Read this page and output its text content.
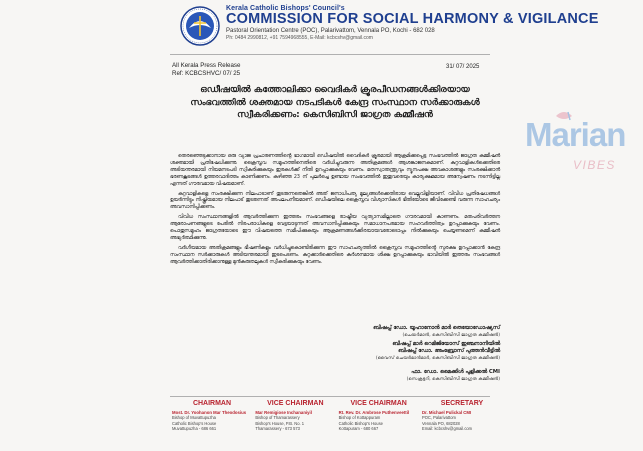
Kerala Catholic Bishops' Council's
COMMISSION FOR SOCIAL HARMONY & VIGILANCE
Pastoral Orientation Centre (POC), Palarivattom, Vennala PO, Kochi - 682 028
Ph: 0484 2990812, +91 7594968555, E-Mail: kcbcshv@gmail.com
All Kerala Press Release
Ref: KCBCSHVC/ 07/ 25
31/ 07/ 2025
ഒഡീഷയിൽ കത്തോലിക്കാ വൈദികർ ക്രൂരപീഡനങ്ങൾക്കിരയായ
സംഭവത്തിൽ ശക്തമായ നടപടികൾ കേന്ദ്ര സംസ്ഥാന സർക്കാരുകൾ
സ്വീകരിക്കണം: കെസിബിസി ജാഗ്രത കമ്മീഷൻ

തെരഞ്ഞെടുക്കാനായ ഒരു വ്യാജ പ്രചാരണത്തിൻ്റെ ഭാഗമായി ഒഡീഷയിൽ വൈദികർ ക്രൂരമായി ആക്രമിക്കപ്പെട്ട സംഭവത്തിൽ ജാഗ്രത കമ്മീഷൻ ശക്തമായി പ്രതിഷേധിക്കുന്നു. ക്രൈസ്തവ സമൂഹത്തിനെതിരെ വർധിച്ചുവരുന്ന അതിക്രമങ്ങൾ ആശങ്കാജനകമാണ്. കുറ്റവാളികൾക്കെതിരെ അടിയന്തരമായി നിയമനടപടി സ്വീകരിക്കുകയും ഇരകൾക്ക് നീതി ഉറപ്പാക്കുകയും വേണം. മതസ്വാതന്ത്ര്യവും ന്യൂനപക്ഷ അവകാശങ്ങളും സംരക്ഷിക്കാൻ ഭരണകൂടങ്ങൾ ഉത്തരവാദിത്തം കാണിക്കണം. കഴിഞ്ഞ 23 ന് പുലർച്ചെ ഉണ്ടായ സംഭവത്തിൽ ഇതുവരെയും കാര്യക്ഷമമായ അന്വേഷണം നടന്നിട്ടില്ല എന്നത് ഗൗരവമായ വിഷയമാണ്.

കുറ്റവാളികളെ സംരക്ഷിക്കുന്ന നിലപാടാണ് തുടരുന്നതെങ്കിൽ അത് ജനാധിപത്യ മൂല്യങ്ങൾക്കെതിരായ വെല്ലുവിളിയാണ്. വിവിധ പ്രതിഷേധങ്ങൾ ഉയർന്നിട്ടും നിഷ്ക്രിയമായ നിലപാട് തുടരുന്നത് അപലപനീയമാണ്. ഒഡീഷയിലെ ക്രൈസ്തവ വിശ്വാസികൾ ഭീതിയോടെ ജീവിക്കേണ്ടി വരുന്ന സാഹചര്യം അവസാനിപ്പിക്കണം.

വിവിധ സംസ്ഥാനങ്ങളിൽ ആവർത്തിക്കുന്ന ഇത്തരം സംഭവങ്ങളെ രാഷ്ട്രീയ വ്യത്യാസമില്ലാതെ ഗൗരവമായി കാണണം. മതപരിവർത്തന ആരോപണങ്ങളുടെ പേരിൽ നിരപരാധികളെ വേട്ടയാടുന്നത് അവസാനിപ്പിക്കുകയും സമാധാനപരമായ സഹവർത്തിത്വം ഉറപ്പാക്കുകയും വേണം. പൊതുസമൂഹം ജാഗ്രതയോടെ ഈ വിഷയത്തെ സമീപിക്കുകയും ആക്രമണങ്ങൾക്കിരയായവരോടൊപ്പം നിൽക്കുകയും ചെയ്യണമെന്ന് കമ്മീഷൻ അഭ്യർത്ഥിക്കുന്നു.

വർഗീയമായ അതിക്രമങ്ങളും ഭീഷണികളും വർധിച്ചുകൊണ്ടിരിക്കുന്ന ഈ സാഹചര്യത്തിൽ ക്രൈസ്തവ സമൂഹത്തിൻ്റെ സുരക്ഷ ഉറപ്പാക്കാൻ കേന്ദ്ര സംസ്ഥാന സർക്കാരുകൾ അടിയന്തരമായി ഇടപെടണം. കുറ്റക്കാർക്കെതിരെ കർശനമായ ശിക്ഷ ഉറപ്പാക്കുകയും ഭാവിയിൽ ഇത്തരം സംഭവങ്ങൾ ആവർത്തിക്കാതിരിക്കാനുള്ള മുൻകരുതലുകൾ സ്വീകരിക്കുകയും വേണം.

ബിഷപ്പ് ഡോ. യൂഹാനോൻ മാർ തെയോഡോഷ്യസ്
(ചെയർമാൻ, കെസിബിസി ജാഗ്രത കമ്മീഷൻ)
ബിഷപ്പ് മാർ റെമിജിയോസ് ഇഞ്ചനാനിയിൽ
ബിഷപ്പ് ഡോ. അംബ്രോസ് പുത്തൻവീട്ടിൽ
(വൈസ് ചെയർമാൻമാർ, കെസിബിസി ജാഗ്രത കമ്മീഷൻ)
ഫാ. ഡോ. മൈക്കിൾ പുളിക്കൽ CMI
(സെക്രട്ടറി, കെസിബിസി ജാഗ്രത കമ്മീഷൻ)
CHAIRMAN
Most. Dr. Yoohanon Mar Theodosius
Bishop of Muvattupuzha
Catholic Bishop's House
Muvattupuzha - 686 661
VICE CHAIRMAN
Mar Remigiose Inchananiyil
Bishop of Thamarassery
Bishop's House, P.B. No. 1
Thamarassery - 673 573
VICE CHAIRMAN
Rt. Rev. Dr. Ambrose Puthenveettil
Bishop of Kottappuram
Catholic Bishop's House
Kottapuram - 680 667
SECRETARY
Dr. Michael Pulickal CMI
POC, Palarivattom
Vennala PO, 682028
Email: kcbcshv@gmail.com
Marian
VIBES
